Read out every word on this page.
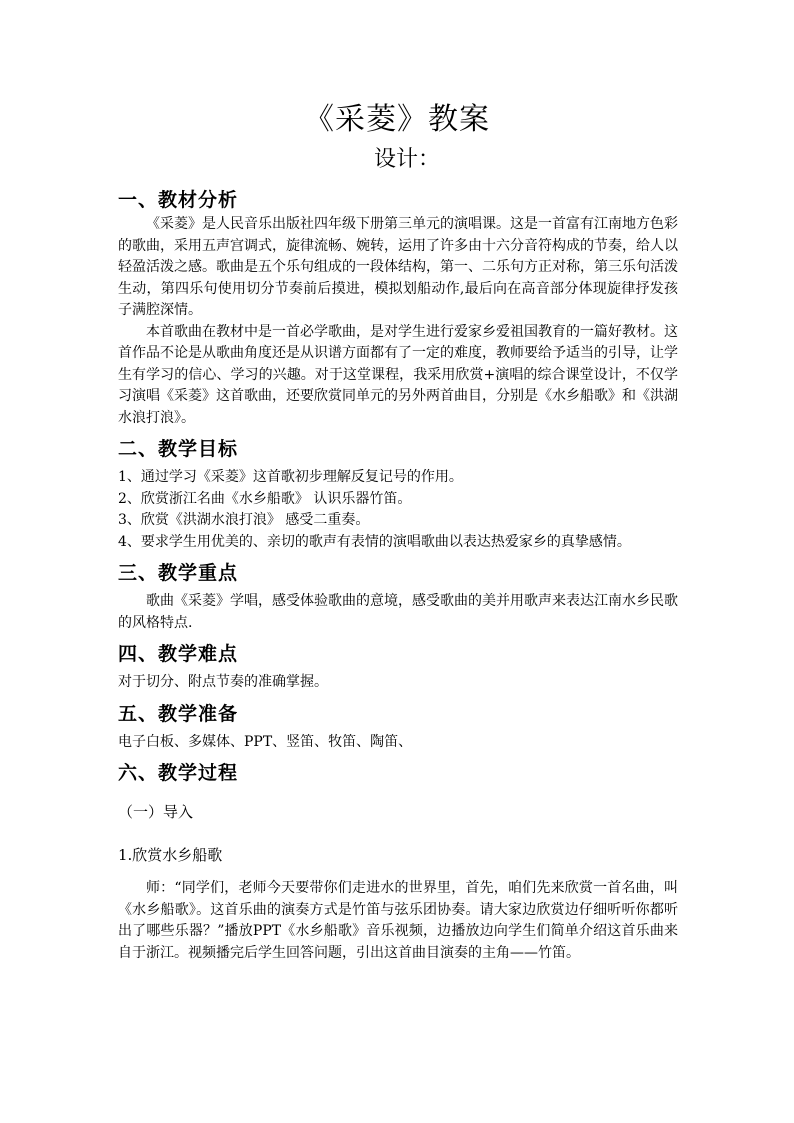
《采菱》教案
设计：
一、教材分析

《采菱》是人民音乐出版社四年级下册第三单元的演唱课。这是一首富有江南地方色彩的歌曲，采用五声宫调式，旋律流畅、婉转，运用了许多由十六分音符构成的节奏，给人以轻盈活泼之感。歌曲是五个乐句组成的一段体结构，第一、二乐句方正对称，第三乐句活泼生动，第四乐句使用切分节奏前后摸进，模拟划船动作,最后向在高音部分体现旋律抒发孩子满腔深情。

本首歌曲在教材中是一首必学歌曲，是对学生进行爱家乡爱祖国教育的一篇好教材。这首作品不论是从歌曲角度还是从识谱方面都有了一定的难度，教师要给予适当的引导，让学生有学习的信心、学习的兴趣。对于这堂课程，我采用欣赏+演唱的综合课堂设计，不仅学习演唱《采菱》这首歌曲，还要欣赏同单元的另外两首曲目，分别是《水乡船歌》和《洪湖水浪打浪》。

二、教学目标

1、通过学习《采菱》这首歌初步理解反复记号的作用。

2、欣赏浙江名曲《水乡船歌》 认识乐器竹笛。

3、欣赏《洪湖水浪打浪》 感受二重奏。

4、要求学生用优美的、亲切的歌声有表情的演唱歌曲以表达热爱家乡的真挚感情。

三、教学重点

歌曲《采菱》学唱，感受体验歌曲的意境，感受歌曲的美并用歌声来表达江南水乡民歌的风格特点.

四、教学难点

对于切分、附点节奏的准确掌握。

五、教学准备

电子白板、多媒体、PPT、竖笛、牧笛、陶笛、

六、教学过程

（一）导入

1.欣赏水乡船歌

师：“同学们，老师今天要带你们走进水的世界里，首先，咱们先来欣赏一首名曲，叫《水乡船歌》。这首乐曲的演奏方式是竹笛与弦乐团协奏。请大家边欣赏边仔细听听你都听出了哪些乐器？”播放PPT《水乡船歌》音乐视频，边播放边向学生们简单介绍这首乐曲来自于浙江。视频播完后学生回答问题，引出这首曲目演奏的主角——竹笛。
